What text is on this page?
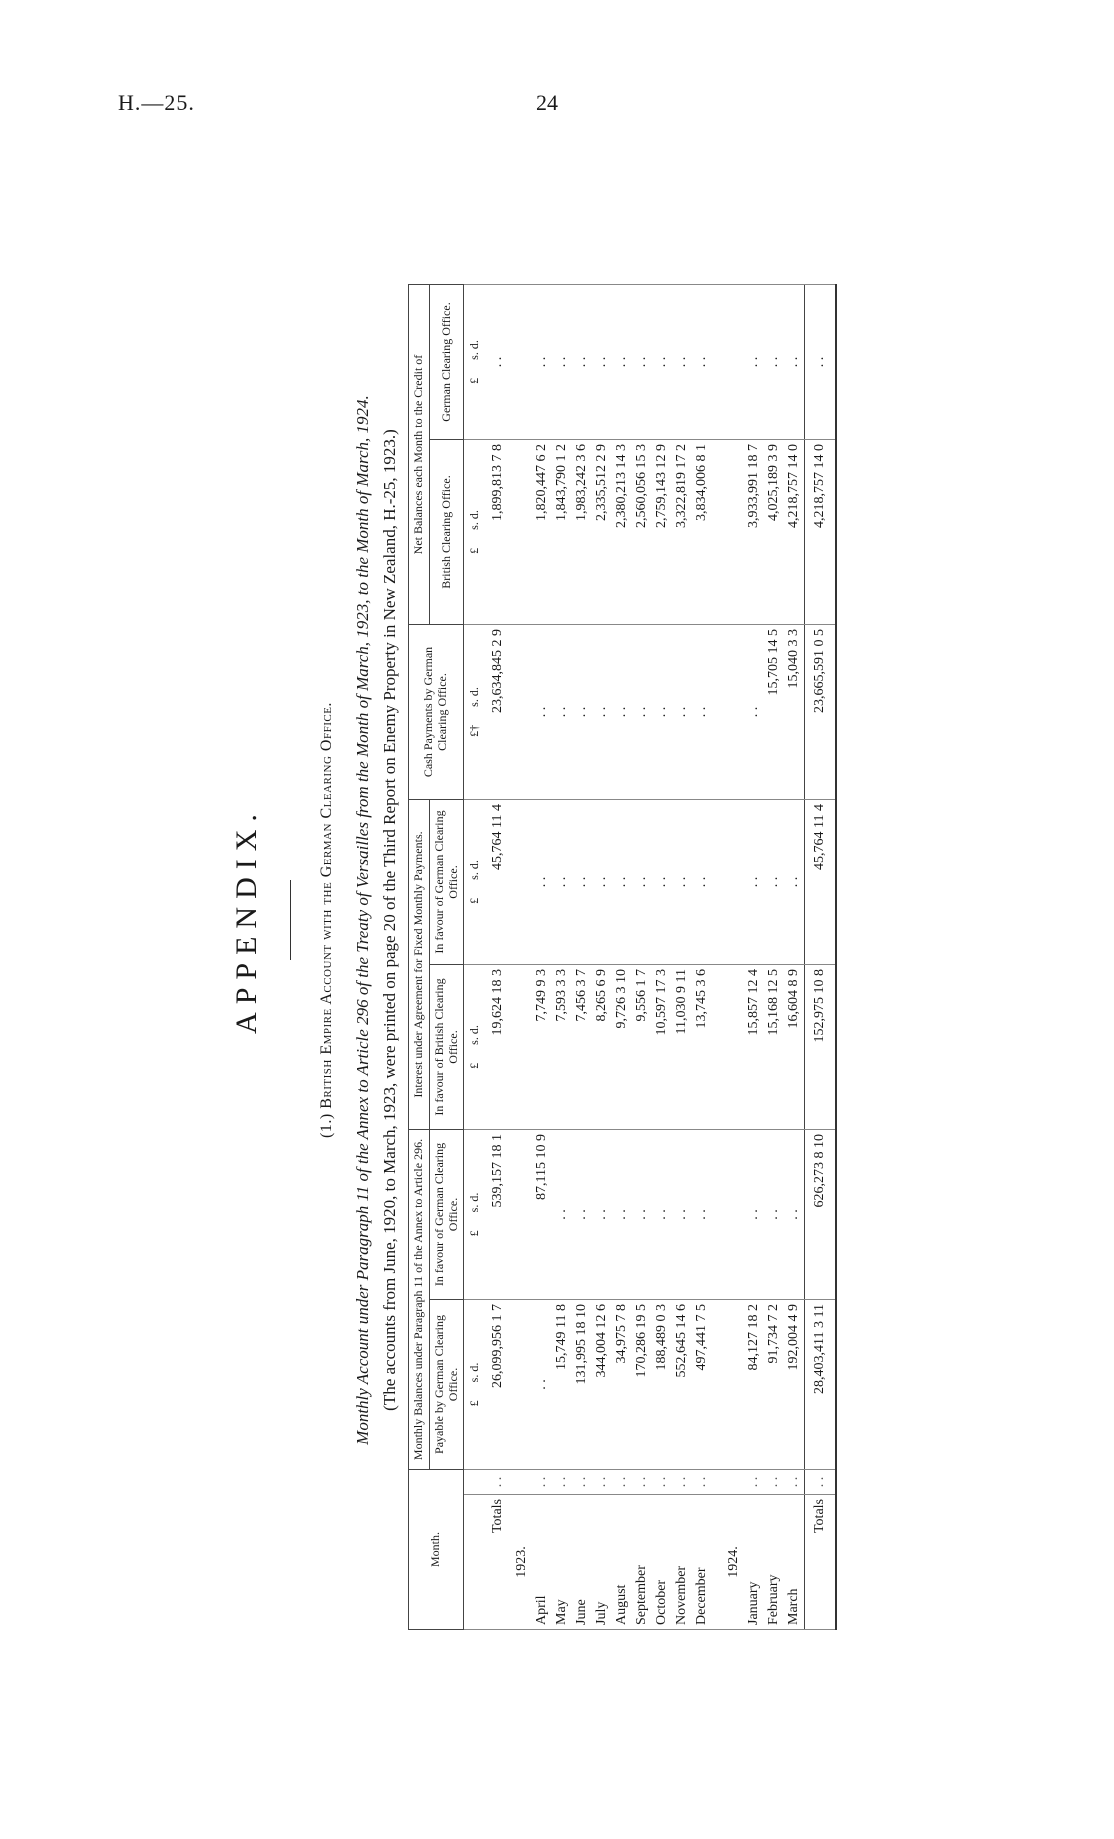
H.—25.	24
APPENDIX.	(1.) British Empire Account with the German Clearing Office. Monthly Account under Paragraph 11 of the Annex to Article 296 of the Treaty of Versailles from the Month of March, 1923, to the Month of March, 1924. (The accounts from June, 1920, to March, 1923, were printed on page 20 of the Third Report on Enemy Property in New Zealand, H.-25, 1923.)
Month.		Monthly Balances under Paragraph 11 of the Annex to Article 296.		Interest under Agreement for Fixed Monthly Payments.		Cash Payments by German Clearing Office.	Net Balances each Month to the Credit of	
		Payable by German Clearing Office.	In favour of German Clearing Office.	In favour of British Clearing Office.	In favour of German Clearing Office.		British Clearing Office.	German Clearing Office.
		£      s. d.	£      s. d.	£      s. d.	£      s. d.	£†      s. d.	£      s. d.	£      s. d.
Totals	. .	26,099,956 1 7	539,157 18 1	19,624 18 3	45,764 11 4	23,634,845 2 9	1,899,813 7 8	. .
1923.								
April	. .	. .	87,115 10 9	7,749 9 3	. .	. .	1,820,447 6 2	. .
May	. .	15,749 11 8	. .	7,593 3 3	. .	. .	1,843,790 1 2	. .
June	. .	131,995 18 10	. .	7,456 3 7	. .	. .	1,983,242 3 6	. .
July	. .	344,004 12 6	. .	8,265 6 9	. .	. .	2,335,512 2 9	. .
August	. .	34,975 7 8	. .	9,726 3 10	. .	. .	2,380,213 14 3	. .
September	. .	170,286 19 5	. .	9,556 1 7	. .	. .	2,560,056 15 3	. .
October	. .	188,489 0 3	. .	10,597 17 3	. .	. .	2,759,143 12 9	. .
November	. .	552,645 14 6	. .	11,030 9 11	. .	. .	3,322,819 17 2	. .
December	. .	497,441 7 5	. .	13,745 3 6	. .	. .	3,834,006 8 1	. .

1924.								
January	. .	84,127 18 2	. .	15,857 12 4	. .	. .	3,933,991 18 7	. .
February	. .	91,734 7 2	. .	15,168 12 5	. .	15,705 14 5	4,025,189 3 9	. .
March	. .	192,004 4 9	. .	16,604 8 9	. .	15,040 3 3	4,218,757 14 0	. .
Totals	. .	28,403,411 3 11	626,273 8 10	152,975 10 8	45,764 11 4	23,665,591 0 5	4,218,757 14 0	. .
